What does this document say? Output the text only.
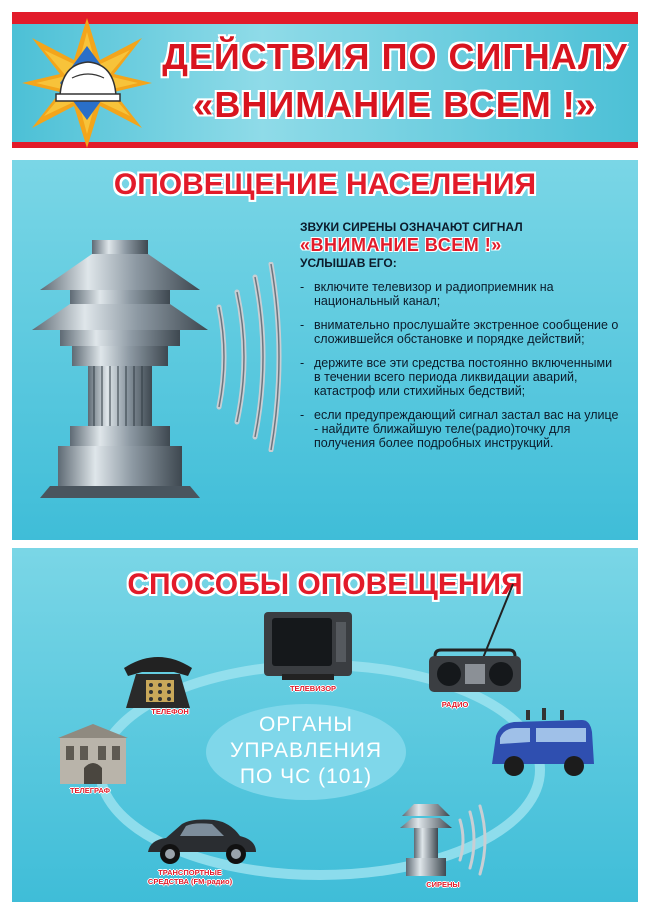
ДЕЙСТВИЯ ПО СИГНАЛУ
«ВНИМАНИЕ ВСЕМ !»
ОПОВЕЩЕНИЕ НАСЕЛЕНИЯ
ЗВУКИ СИРЕНЫ ОЗНАЧАЮТ СИГНАЛ
«ВНИМАНИЕ ВСЕМ !»
УСЛЫШАВ ЕГО:
- включите телевизор и радиоприемник на национальный канал;
- внимательно прослушайте экстренное сообщение о сложившейся обстановке и порядке действий;
- держите все эти средства постоянно включенными в течении всего периода ликвидации аварий, катастроф или стихийных бедствий;
- если предупреждающий сигнал застал вас на улице - найдите ближайшую теле(радио)точку для получения более подробных инструкций.
СПОСОБЫ ОПОВЕЩЕНИЯ
ОРГАНЫ
УПРАВЛЕНИЯ
ПО ЧС (101)
ТЕЛЕФОН
ТЕЛЕВИЗОР
РАДИО
ТЕЛЕГРАФ
ТРАНСПОРТНЫЕ
СРЕДСТВА (FM-радио)	СИРЕНЫ
